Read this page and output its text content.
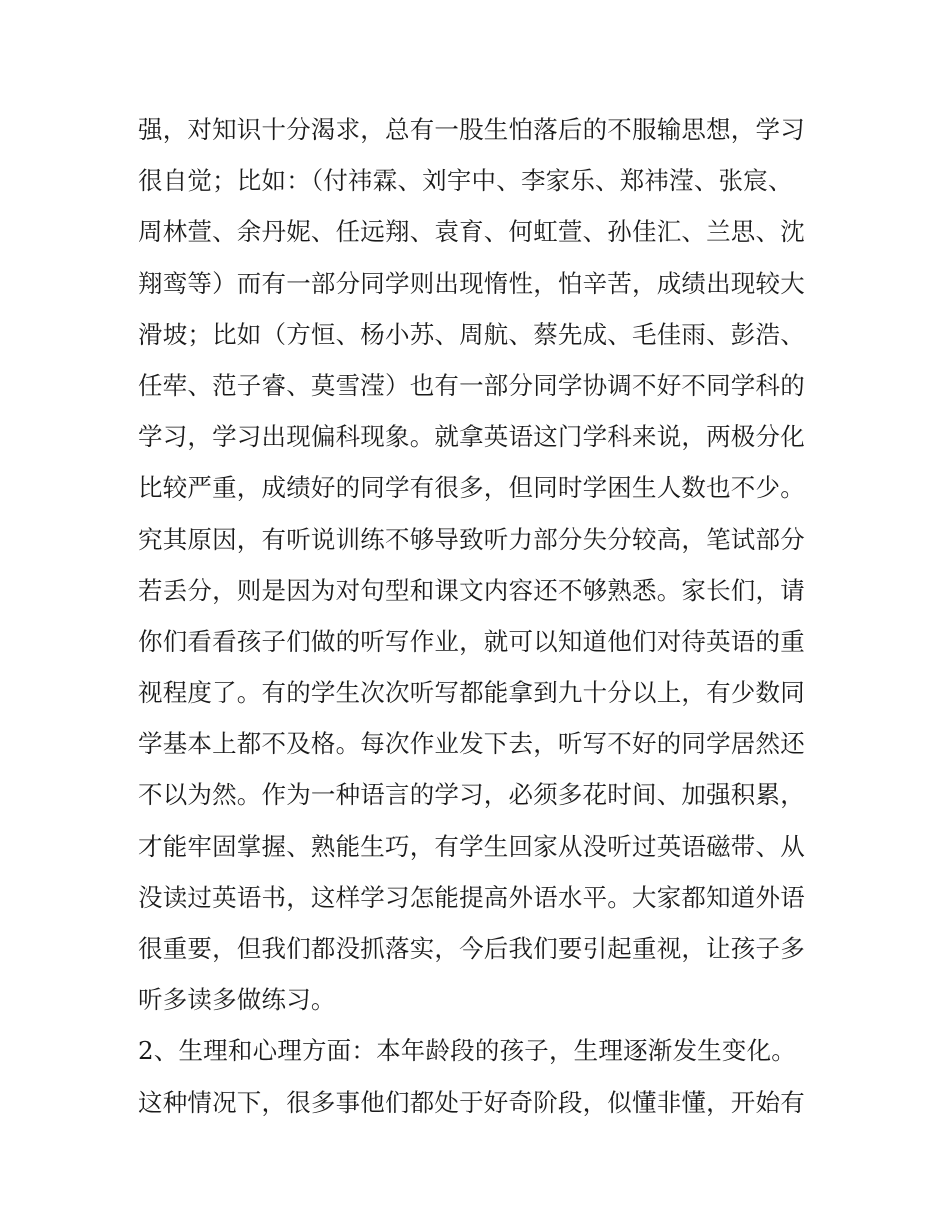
强，对知识十分渴求，总有一股生怕落后的不服输思想，学习
很自觉；比如：（付祎霖、刘宇中、李家乐、郑祎滢、张宸、
周林萱、余丹妮、任远翔、袁育、何虹萱、孙佳汇、兰思、沈
翔鸾等）而有一部分同学则出现惰性，怕辛苦，成绩出现较大
滑坡；比如（方恒、杨小苏、周航、蔡先成、毛佳雨、彭浩、
任荦、范子睿、莫雪滢）也有一部分同学协调不好不同学科的
学习，学习出现偏科现象。就拿英语这门学科来说，两极分化
比较严重，成绩好的同学有很多，但同时学困生人数也不少。
究其原因，有听说训练不够导致听力部分失分较高，笔试部分
若丢分，则是因为对句型和课文内容还不够熟悉。家长们，请
你们看看孩子们做的听写作业，就可以知道他们对待英语的重
视程度了。有的学生次次听写都能拿到九十分以上，有少数同
学基本上都不及格。每次作业发下去，听写不好的同学居然还
不以为然。作为一种语言的学习，必须多花时间、加强积累，
才能牢固掌握、熟能生巧，有学生回家从没听过英语磁带、从
没读过英语书，这样学习怎能提高外语水平。大家都知道外语
很重要，但我们都没抓落实，今后我们要引起重视，让孩子多
听多读多做练习。
2、生理和心理方面：本年龄段的孩子，生理逐渐发生变化。
这种情况下，很多事他们都处于好奇阶段，似懂非懂，开始有
